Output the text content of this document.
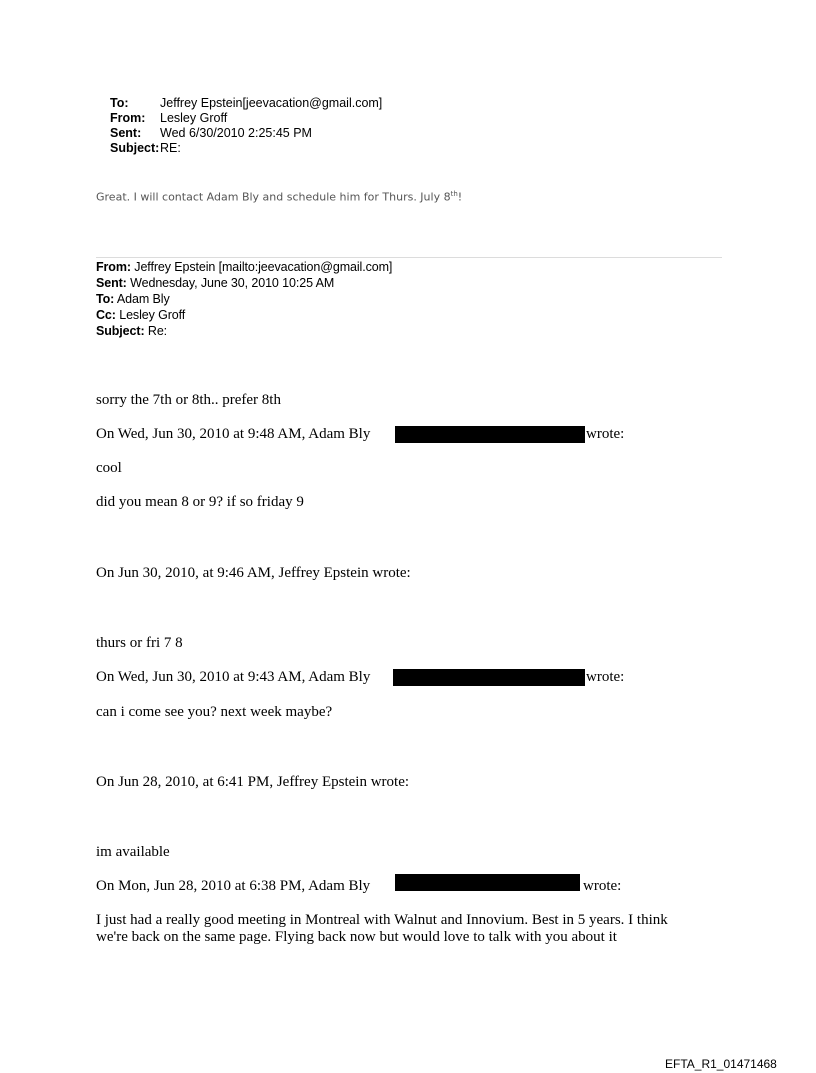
To:	Jeffrey Epstein[jeevacation@gmail.com]
From: Lesley Groff
Sent: Wed 6/30/2010 2:25:45 PM
Subject: RE:
Great. I will contact Adam Bly and schedule him for Thurs. July 8th!
From: Jeffrey Epstein [mailto:jeevacation@gmail.com]
Sent: Wednesday, June 30, 2010 10:25 AM
To: Adam Bly
Cc: Lesley Groff
Subject: Re:
sorry the 7th or 8th.. prefer 8th
On Wed, Jun 30, 2010 at 9:48 AM, Adam Bly	wrote:
cool
did you mean 8 or 9? if so friday 9
On Jun 30, 2010, at 9:46 AM, Jeffrey Epstein wrote:
thurs or fri 7 8
On Wed, Jun 30, 2010 at 9:43 AM, Adam Bly	wrote:
can i come see you? next week maybe?
On Jun 28, 2010, at 6:41 PM, Jeffrey Epstein wrote:
im available
On Mon, Jun 28, 2010 at 6:38 PM, Adam Bly	wrote:
I just had a really good meeting in Montreal with Walnut and Innovium. Best in 5 years. I think
we're back on the same page. Flying back now but would love to talk with you about it
EFTA_R1_01471468
